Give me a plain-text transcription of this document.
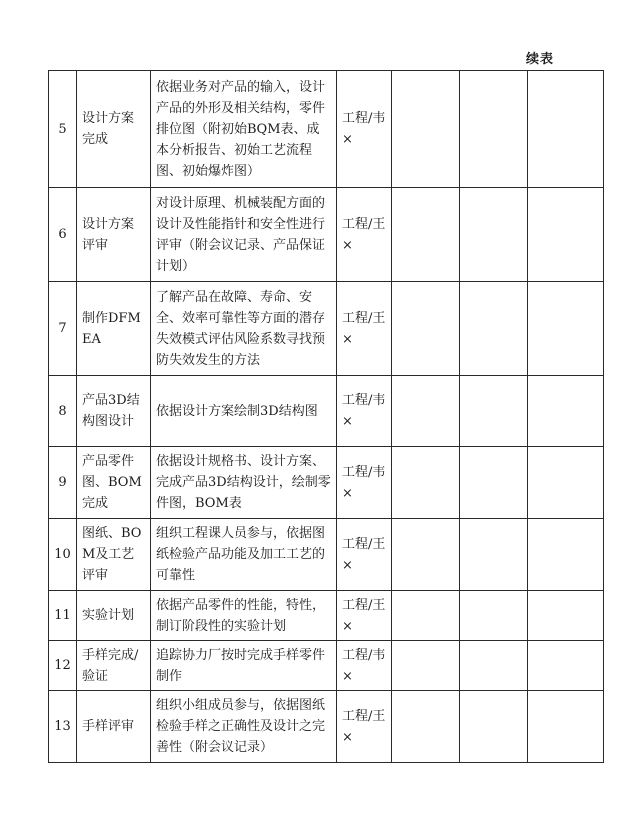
续表
5	设计方案完成	依据业务对产品的输入，设计产品的外形及相关结构，零件排位图（附初始BQM表、成本分析报告、初始工艺流程图、初始爆炸图）	工程/韦×			
6	设计方案评审	对设计原理、机械装配方面的设计及性能指针和安全性进行评审（附会议记录、产品保证计划）	工程/王×			
7	制作DFMEA	了解产品在故障、寿命、安全、效率可靠性等方面的潜存失效模式评估风险系数寻找预防失效发生的方法	工程/王×			
8	产品3D结构图设计	依据设计方案绘制3D结构图	工程/韦×			
9	产品零件图、BOM完成	依据设计规格书、设计方案、完成产品3D结构设计，绘制零件图，BOM表	工程/韦×			
10	图纸、BOM及工艺评审	组织工程课人员参与，依据图纸检验产品功能及加工工艺的可靠性	工程/王×			
11	实验计划	依据产品零件的性能，特性，制订阶段性的实验计划	工程/王×			
12	手样完成/验证	追踪协力厂按时完成手样零件制作	工程/韦×			
13	手样评审	组织小组成员参与，依据图纸检验手样之正确性及设计之完善性（附会议记录）	工程/王×			
